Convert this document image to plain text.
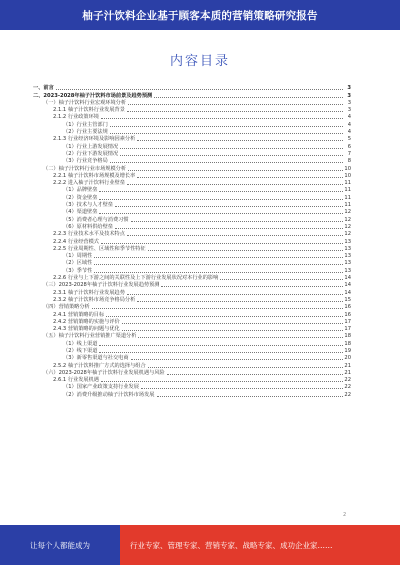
柚子汁饮料企业基于顾客本质的营销策略研究报告
内容目录
一、前言	3
二、2023-2028年柚子汁饮料市场前景及趋势预测	3
（一）柚子汁饮料行业宏观环境分析	3
2.1.1 柚子汁饮料行业发展背景	3
2.1.2 行业政策环境	4
（1）行业主管部门	4
（2）行业主要法规	4
2.1.3 行业经济环境及影响因素分析	5
（1）行业上游发展情况	6
（2）行业下游发展情况	7
（3）行业竞争格局	8
（二）柚子汁饮料行业市场规模分析	10
2.2.1 柚子汁饮料市场规模及增长率	10
2.2.2 进入柚子汁饮料行业壁垒	11
（1）品牌壁垒	11
（2）资金壁垒	11
（3）技术与人才壁垒	11
（4）渠道壁垒	12
（5）消费者心理与消费习惯	12
（6）原材料供给壁垒	12
2.2.3 行业技术水平及技术特点	12
2.2.4 行业经营模式	13
2.2.5 行业周期性、区域性和季节性特征	13
（1）周期性	13
（2）区域性	13
（3）季节性	13
2.2.6 行业与上下游之间的关联性及上下游行业发展状况对本行业的影响	14
（三）2023-2028年柚子汁饮料行业发展趋势预测	14
2.3.1 柚子汁饮料行业发展趋势	14
2.3.2 柚子汁饮料市场竞争格局分析	15
（四）营销策略分析	16
2.4.1 营销策略的目标	16
2.4.2 营销策略的实施与评价	17
2.4.3 营销策略的问题与优化	17
（五）柚子汁饮料行业营销推广渠道分析	18
（1）线上渠道	18
（2）线下渠道	19
（3）新零售渠道与社交电商	20
2.5.2 柚子汁饮料推广方式的选择与组合	21
（六）2023-2028年柚子汁饮料行业发展机遇与风险	21
2.6.1 行业发展机遇	22
（1）国家产业政策支持行业发展	22
（2）消费升级推动柚子汁饮料市场发展	22
2
让每个人都能成为	行业专家、管理专家、营销专家、战略专家、成功企业家……
